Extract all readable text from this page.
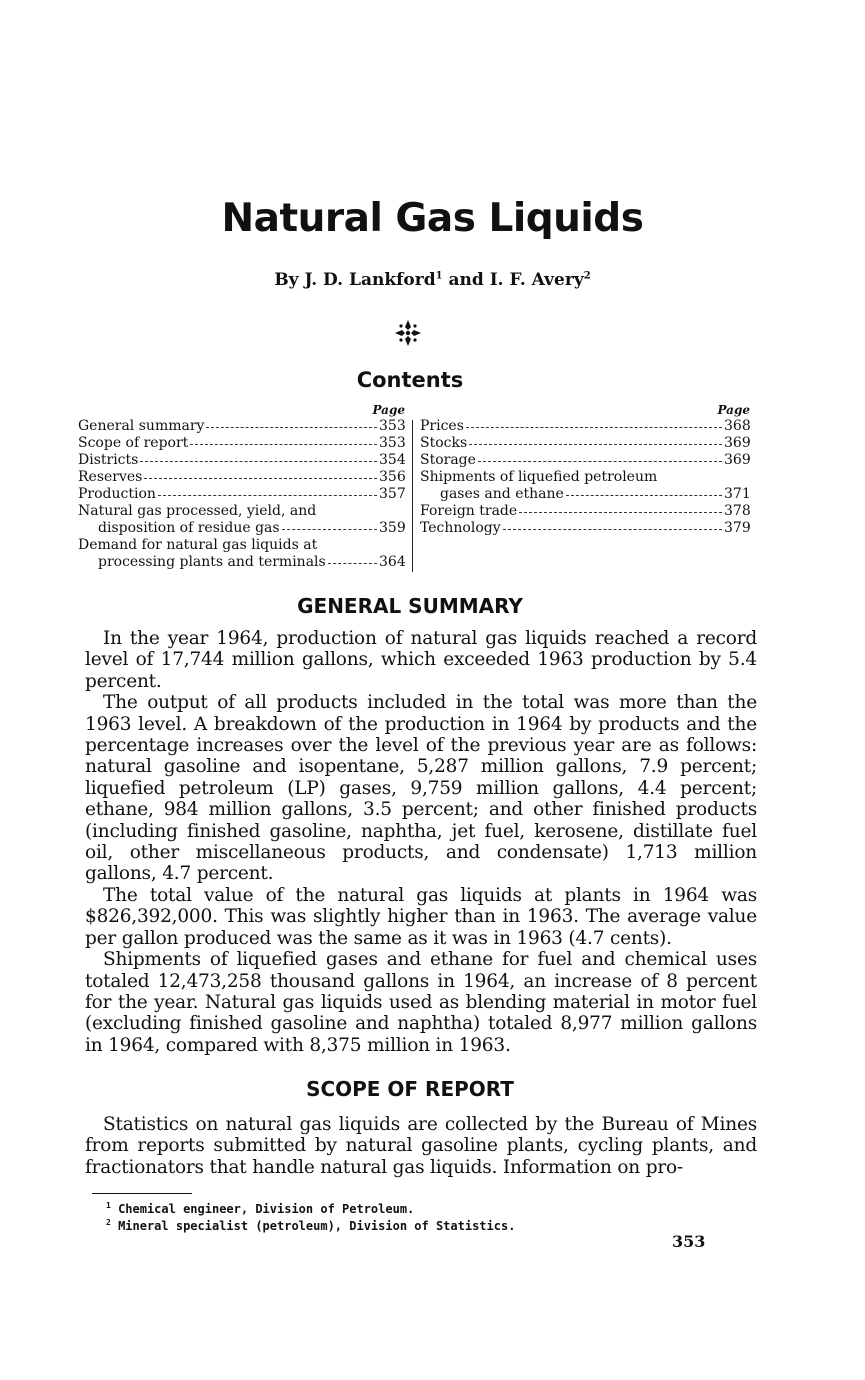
Natural Gas Liquids
By J. D. Lankford$^1$ and I. F. Avery$^2$
Contents
Page
General summary	353
Scope of report	353
Districts	354
Reserves	356
Production	357
Natural gas processed, yield, and
disposition of residue gas	359
Demand for natural gas liquids at
processing plants and terminals	364
Page
Prices	368
Stocks	369
Storage	369
Shipments of liquefied petroleum
gases and ethane	371
Foreign trade	378
Technology	379
GENERAL SUMMARY

In the year 1964, production of natural gas liquids reached a record level of 17,744 million gallons, which exceeded 1963 production by 5.4 percent.

The output of all products included in the total was more than the 1963 level. A breakdown of the production in 1964 by products and the percentage increases over the level of the previous year are as follows: natural gasoline and isopentane, 5,287 million gallons, 7.9 percent; liquefied petroleum (LP) gases, 9,759 million gallons, 4.4 percent; ethane, 984 million gallons, 3.5 percent; and other finished products (including finished gasoline, naphtha, jet fuel, kerosene, distillate fuel oil, other miscellaneous products, and condensate) 1,713 million gallons, 4.7 percent.

The total value of the natural gas liquids at plants in 1964 was $826,392,000. This was slightly higher than in 1963. The average value per gallon produced was the same as it was in 1963 (4.7 cents).

Shipments of liquefied gases and ethane for fuel and chemical uses totaled 12,473,258 thousand gallons in 1964, an increase of 8 percent for the year. Natural gas liquids used as blending material in motor fuel (excluding finished gasoline and naphtha) totaled 8,977 million gallons in 1964, compared with 8,375 million in 1963.

SCOPE OF REPORT

Statistics on natural gas liquids are collected by the Bureau of Mines from reports submitted by natural gasoline plants, cycling plants, and fractionators that handle natural gas liquids. Information on pro-

$^1$ Chemical engineer, Division of Petroleum.
$^2$ Mineral specialist (petroleum), Division of Statistics.
353
